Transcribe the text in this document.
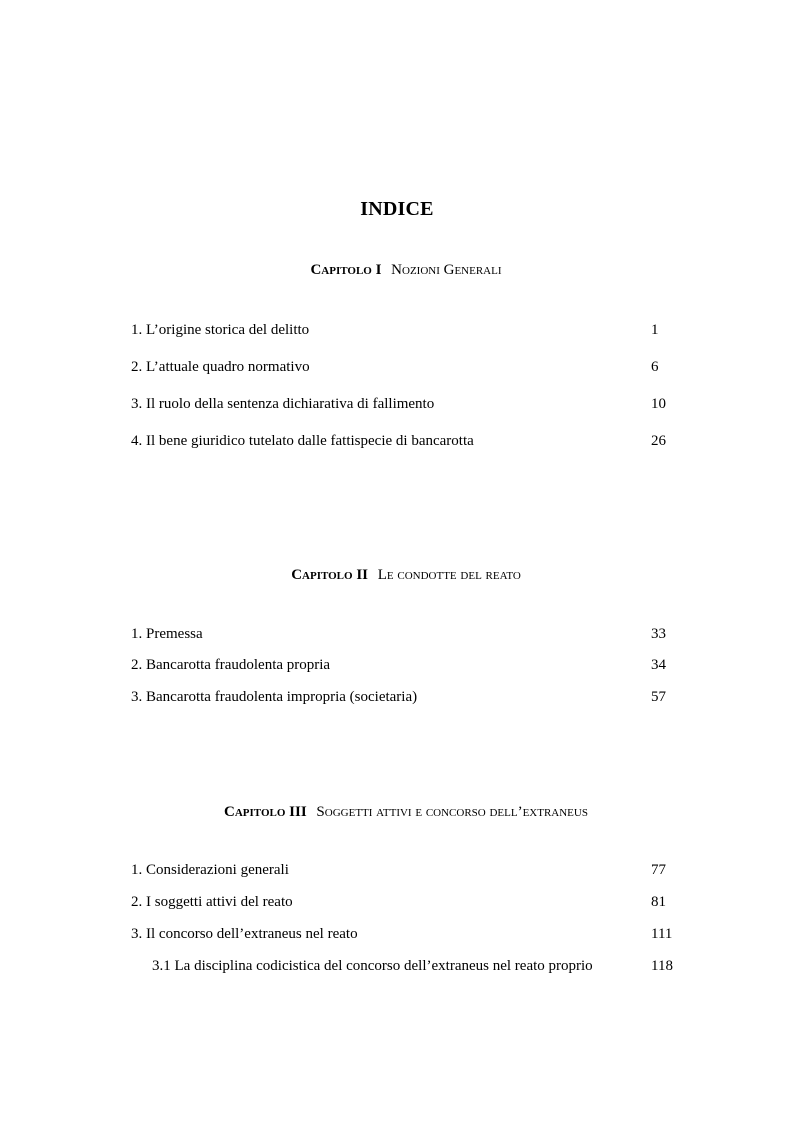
INDICE
Capitolo I Nozioni Generali
1. L’origine storica del delitto	1
2. L’attuale quadro normativo	6
3. Il ruolo della sentenza dichiarativa di fallimento	10
4. Il bene giuridico tutelato dalle fattispecie di bancarotta	26
Capitolo II Le condotte del reato
1. Premessa	33
2. Bancarotta fraudolenta propria	34
3. Bancarotta fraudolenta impropria (societaria)	57
Capitolo III Soggetti attivi e concorso dell’extraneus
1. Considerazioni generali	77
2. I soggetti attivi del reato	81
3. Il concorso dell’extraneus nel reato	111
3.1 La disciplina codicistica del concorso dell’extraneus nel reato proprio	118
